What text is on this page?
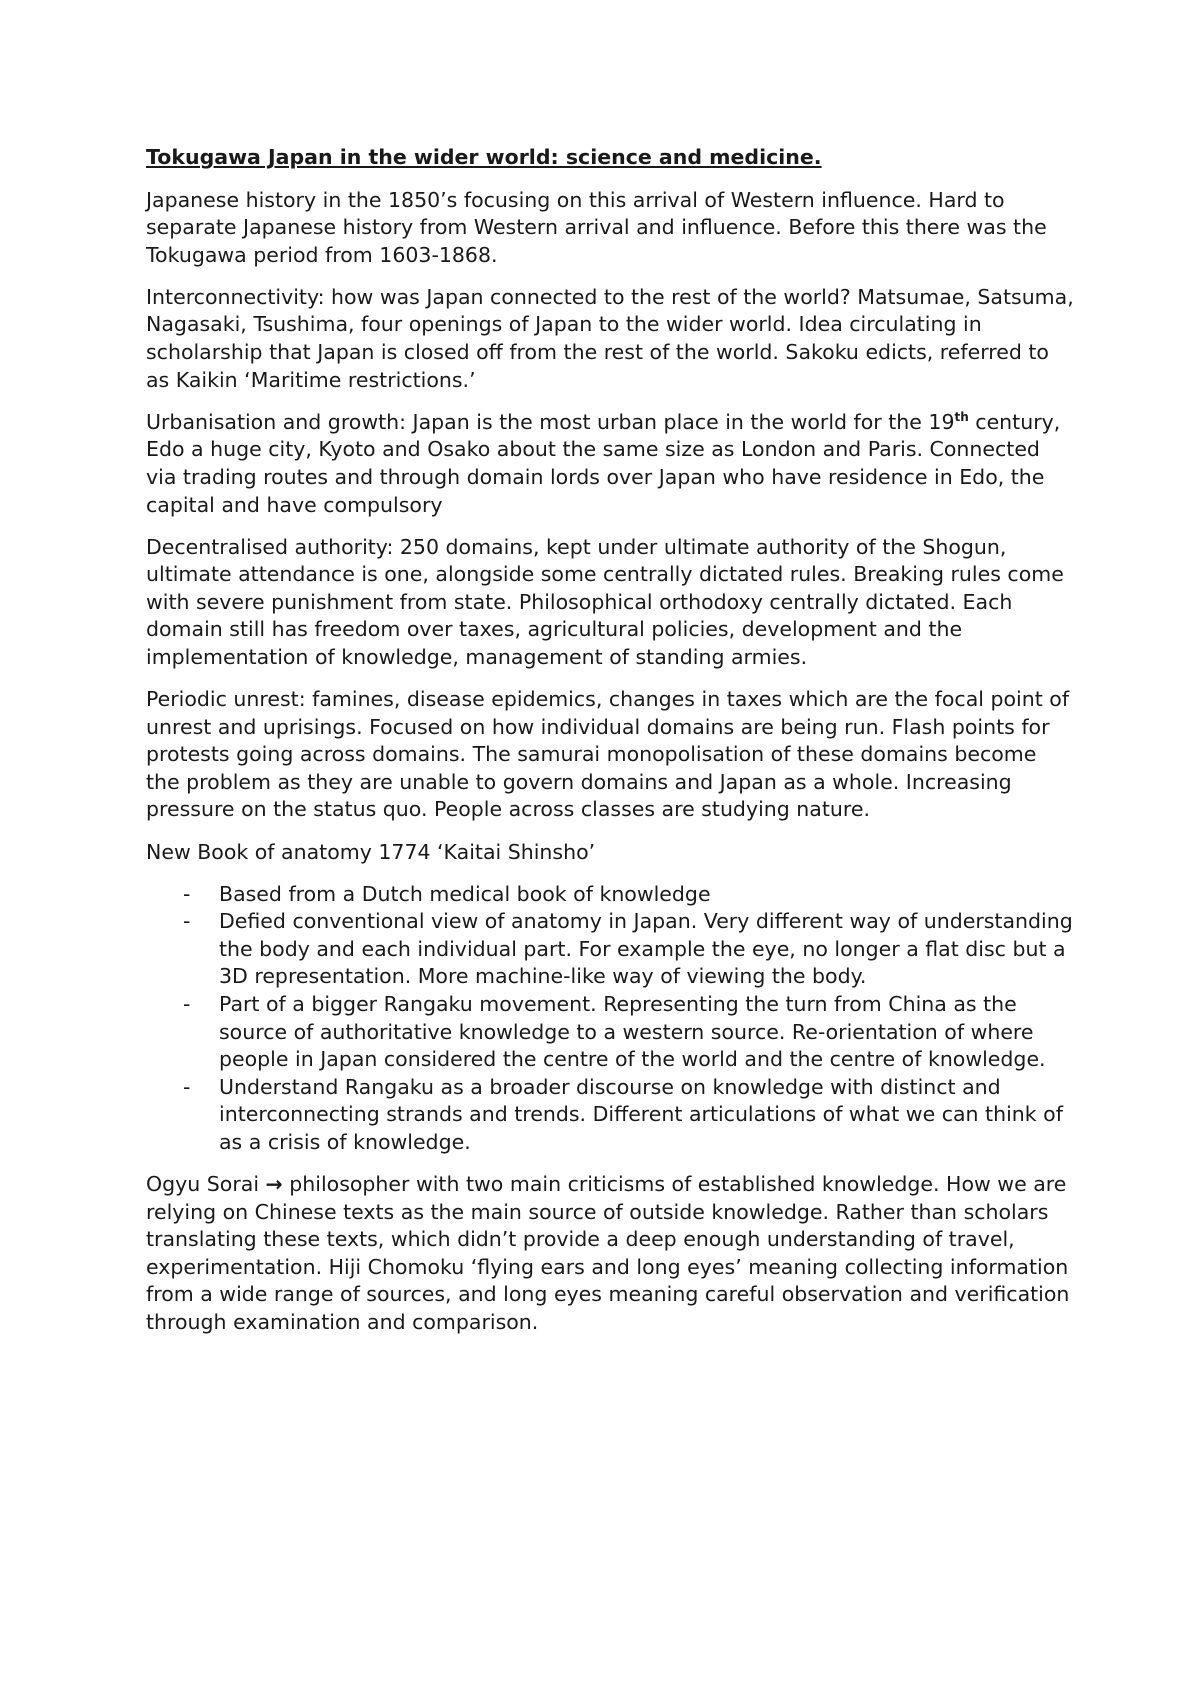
Tokugawa Japan in the wider world: science and medicine.

Japanese history in the 1850’s focusing on this arrival of Western influence. Hard to separate Japanese history from Western arrival and influence. Before this there was the Tokugawa period from 1603-1868.

Interconnectivity: how was Japan connected to the rest of the world? Matsumae, Satsuma, Nagasaki, Tsushima, four openings of Japan to the wider world. Idea circulating in scholarship that Japan is closed off from the rest of the world. Sakoku edicts, referred to as Kaikin ‘Maritime restrictions.’

Urbanisation and growth: Japan is the most urban place in the world for the 19th century, Edo a huge city, Kyoto and Osako about the same size as London and Paris. Connected via trading routes and through domain lords over Japan who have residence in Edo, the capital and have compulsory

Decentralised authority: 250 domains, kept under ultimate authority of the Shogun, ultimate attendance is one, alongside some centrally dictated rules. Breaking rules come with severe punishment from state. Philosophical orthodoxy centrally dictated. Each domain still has freedom over taxes, agricultural policies, development and the implementation of knowledge, management of standing armies.

Periodic unrest: famines, disease epidemics, changes in taxes which are the focal point of unrest and uprisings. Focused on how individual domains are being run. Flash points for protests going across domains. The samurai monopolisation of these domains become the problem as they are unable to govern domains and Japan as a whole. Increasing pressure on the status quo. People across classes are studying nature.

New Book of anatomy 1774 ‘Kaitai Shinsho’

- Based from a Dutch medical book of knowledge
- Defied conventional view of anatomy in Japan. Very different way of understanding the body and each individual part. For example the eye, no longer a flat disc but a 3D representation. More machine-like way of viewing the body.
- Part of a bigger Rangaku movement. Representing the turn from China as the source of authoritative knowledge to a western source. Re-orientation of where people in Japan considered the centre of the world and the centre of knowledge.
- Understand Rangaku as a broader discourse on knowledge with distinct and interconnecting strands and trends. Different articulations of what we can think of as a crisis of knowledge.

Ogyu Sorai → philosopher with two main criticisms of established knowledge. How we are relying on Chinese texts as the main source of outside knowledge. Rather than scholars translating these texts, which didn’t provide a deep enough understanding of travel, experimentation. Hiji Chomoku ‘flying ears and long eyes’ meaning collecting information from a wide range of sources, and long eyes meaning careful observation and verification through examination and comparison.
